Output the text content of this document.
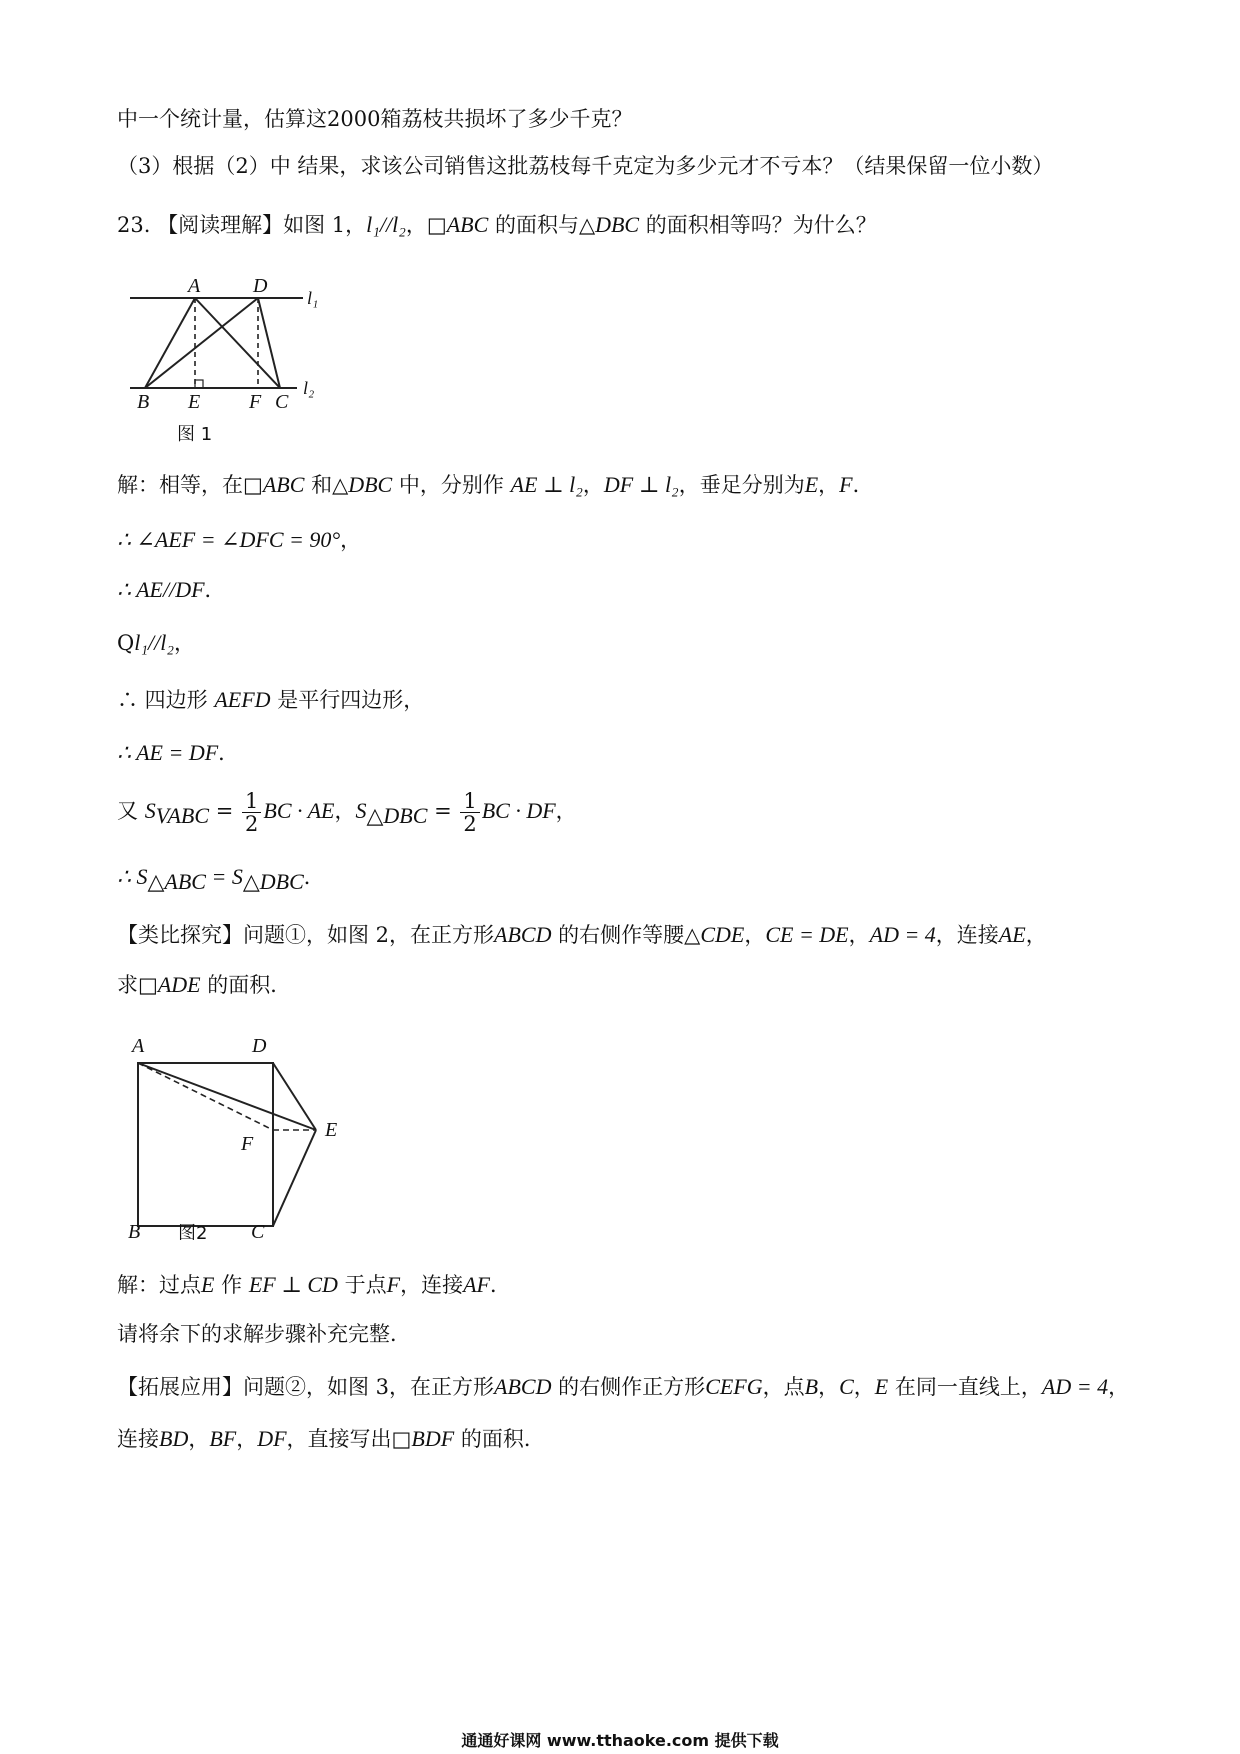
中一个统计量，估算这2000箱荔枝共损坏了多少千克？
（3）根据（2）中 结果，求该公司销售这批荔枝每千克定为多少元才不亏本？（结果保留一位小数）
23. 【阅读理解】如图 1，l₁//l₂，□ABC 的面积与△DBC 的面积相等吗？为什么？
A	D
l₁
B E F C
l₂
图 1
解：相等，在□ABC 和△DBC 中，分别作 AE ⊥ l₂，DF ⊥ l₂，垂足分别为E，F．
∴ ∠AEF = ∠DFC = 90°，
∴ AE//DF．
Ql₁//l₂，
∴ 四边形 AEFD 是平行四边形，
∴ AE = DF．
又 $S_{VABC} = \frac{1}{2}$ BC · AE，$S_{\triangle DBC} = \frac{1}{2}$ BC · DF，
∴ $S_{\triangle ABC} = S_{\triangle DBC}$．
【类比探究】问题①，如图 2，在正方形ABCD 的右侧作等腰△CDE，CE = DE，AD = 4，连接AE，
求□ADE 的面积．
A	D
E
F
B	C
图2
解：过点E 作 EF ⊥ CD 于点F，连接AF．
请将余下的求解步骤补充完整．
【拓展应用】问题②，如图 3，在正方形ABCD 的右侧作正方形CEFG，点B，C，E 在同一直线上，AD = 4，
连接BD，BF，DF，直接写出□BDF 的面积．
通通好课网 www.tthaoke.com 提供下载
